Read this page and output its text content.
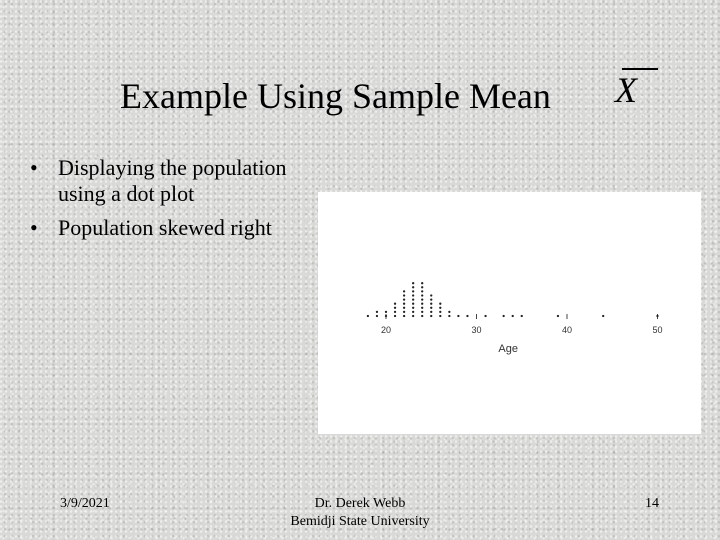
Example Using Sample Mean X
• Displaying the population using a dot plot
• Population skewed right
20	30	40	50
Age
3/9/2021	Dr. Derek Webb
Bemidji State University
14
